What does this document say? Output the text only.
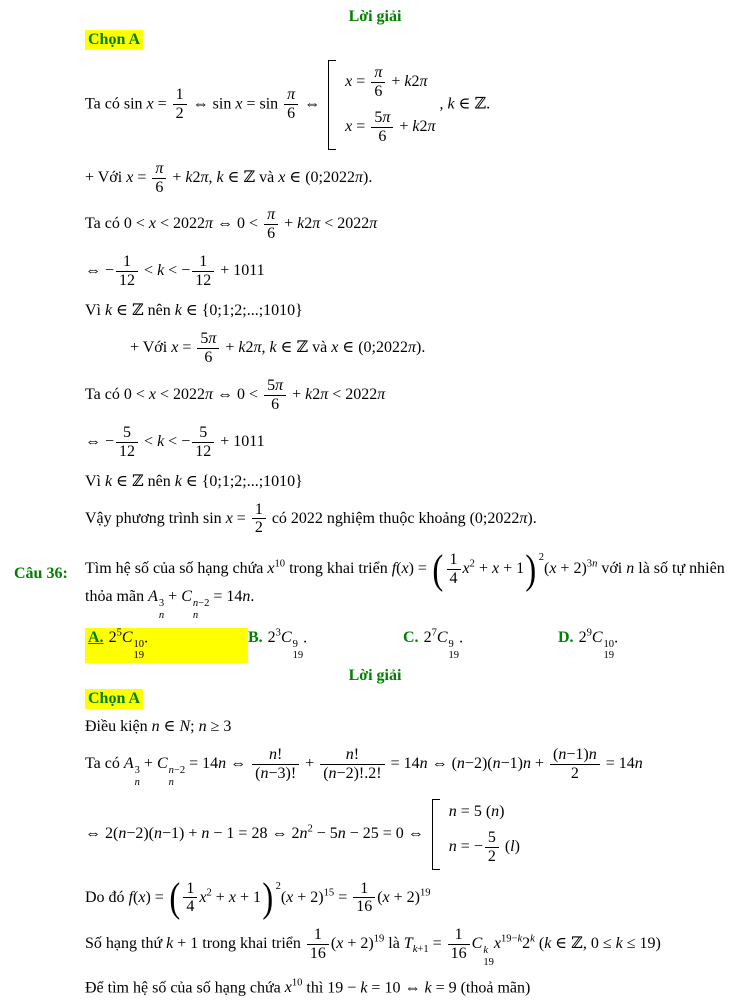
Lời giải
Chọn A
Ta có $\sin x = \frac{1}{2}$ ⇔ $\sin x = \sin \frac{\pi}{6}$ ⇔
$x = \frac{\pi}{6} + k2\pi$
$x = \frac{5\pi}{6} + k2\pi$
, k ∈ ℤ.
+ Với $x = \frac{\pi}{6} + k2\pi$, k ∈ ℤ và x ∈ (0;2022π).
Ta có 0 < x < 2022π ⇔ $0 < \frac{\pi}{6} + k2\pi < 2022\pi$
⇔ − $\frac{1}{12} < k$ < − $\frac{1}{12} + 1011$
Vì k ∈ ℤ nên k ∈ {0;1;2;...;1010}
+ Với $x = \frac{5\pi}{6} + k2\pi$, k ∈ ℤ và x ∈ (0;2022π).
Ta có 0 < x < 2022π ⇔ $0 < \frac{5\pi}{6} + k2\pi < 2022\pi$
⇔ − $\frac{5}{12} < k$ < − $\frac{5}{12} + 1011$
Vì k ∈ ℤ nên k ∈ {0;1;2;...;1010}
Vậy phương trình $\sin x = \frac{1}{2}$ có 2022 nghiệm thuộc khoảng (0;2022π).
Câu 36: Tìm hệ số của số hạng chứa $x^{10}$ trong khai triển f(x) = ( $\frac{1}{4} x^2 + x + 1$ ) 2
$(x + 2)^{3n}$ với n là số tự nhiên thỏa mãn A 3
n
+ C n−2
n
= 14n.
A. $2^5C$ 10
19
.	B. $2^3C$ 9
19
.	C. $2^7C$ 9
19
.	D. $2^9C$ 10
19
.
Lời giải
Chọn A
Điều kiện n ∈ N; n ≥ 3
Ta có A 3
n
+ C n−2
n
= 14n ⇔ $\frac{n!}{(n-3)!} + \frac{n!}{(n-2)!.2!} = 14n$ ⇔ $(n-2)(n-1)n + \frac{(n-1)n}{2} = 14n$
⇔ 2(n−2)(n−1) + n − 1 = 28 ⇔ $2n^2 - 5n - 25 = 0$ ⇔
n = 5 (n)
n = − $\frac{5}{2} (l)$
Do đó f(x) = ( $\frac{1}{4} x^2 + x + 1$ ) 2
$(x + 2)^{15} = \frac{1}{16} (x + 2)^{19}$
Số hạng thứ k + 1 trong khai triển $\frac{1}{16} (x + 2)^{19}$ là $T_{k+1} = \frac{1}{16}$ C k
19
$x^{19-k}2^k$ (k ∈ ℤ, 0 ≤ k ≤ 19)
Để tìm hệ số của số hạng chứa $x^{10}$ thì 19 − k = 10 ⇔ k = 9 (thoả mãn)
